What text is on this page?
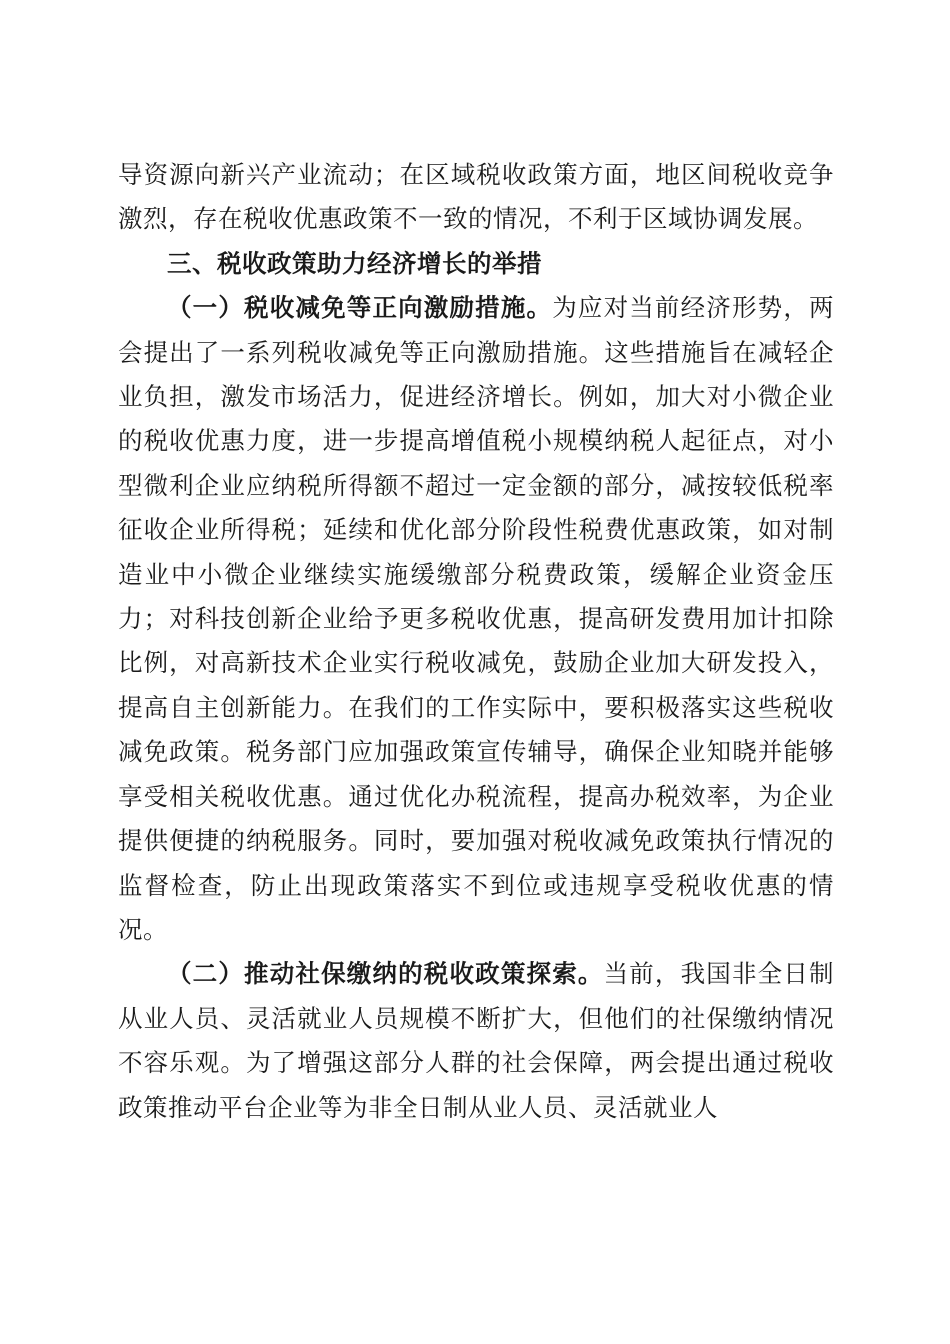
导资源向新兴产业流动；在区域税收政策方面，地区间税收竞争激烈，存在税收优惠政策不一致的情况，不利于区域协调发展。

三、税收政策助力经济增长的举措

（一）税收减免等正向激励措施。为应对当前经济形势，两会提出了一系列税收减免等正向激励措施。这些措施旨在减轻企业负担，激发市场活力，促进经济增长。例如，加大对小微企业的税收优惠力度，进一步提高增值税小规模纳税人起征点，对小型微利企业应纳税所得额不超过一定金额的部分，减按较低税率征收企业所得税；延续和优化部分阶段性税费优惠政策，如对制造业中小微企业继续实施缓缴部分税费政策，缓解企业资金压力；对科技创新企业给予更多税收优惠，提高研发费用加计扣除比例，对高新技术企业实行税收减免，鼓励企业加大研发投入，提高自主创新能力。在我们的工作实际中，要积极落实这些税收减免政策。税务部门应加强政策宣传辅导，确保企业知晓并能够享受相关税收优惠。通过优化办税流程，提高办税效率，为企业提供便捷的纳税服务。同时，要加强对税收减免政策执行情况的监督检查，防止出现政策落实不到位或违规享受税收优惠的情况。

（二）推动社保缴纳的税收政策探索。当前，我国非全日制从业人员、灵活就业人员规模不断扩大，但他们的社保缴纳情况不容乐观。为了增强这部分人群的社会保障，两会提出通过税收政策推动平台企业等为非全日制从业人员、灵活就业人
